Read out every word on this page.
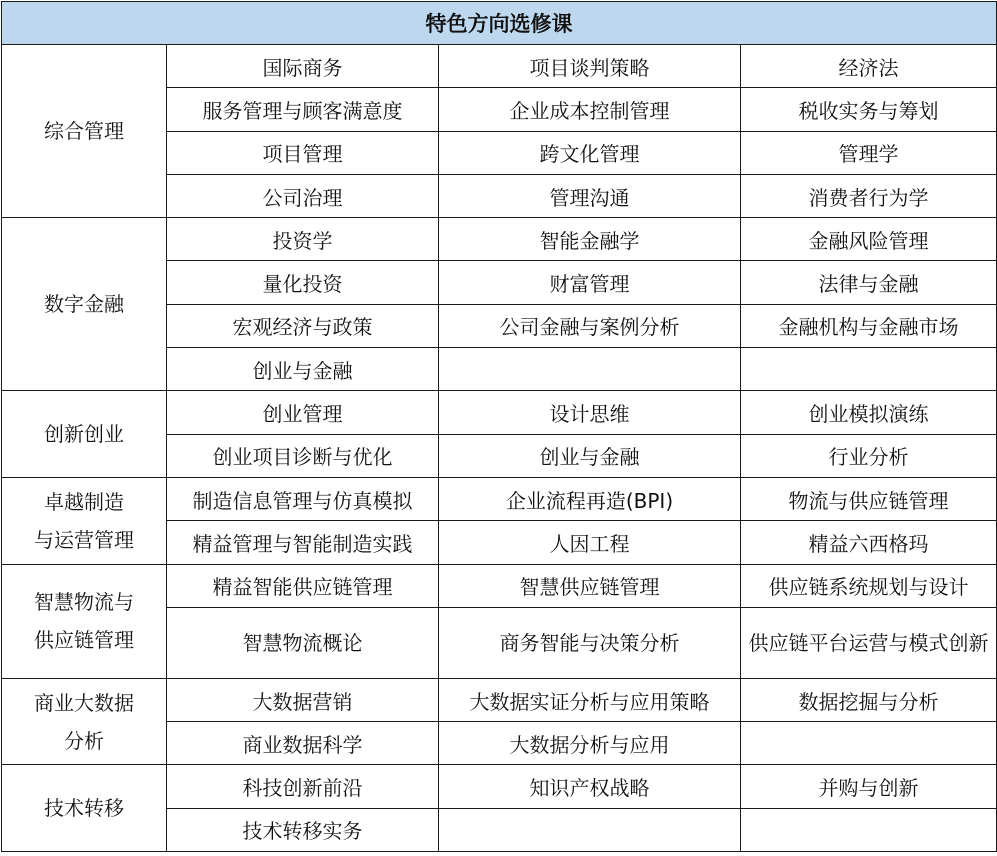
特色方向选修课			

综合管理	国际商务	项目谈判策略	经济法
	服务管理与顾客满意度	企业成本控制管理	税收实务与筹划
	项目管理	跨文化管理	管理学
	公司治理	管理沟通	消费者行为学

数字金融	投资学	智能金融学	金融风险管理
	量化投资	财富管理	法律与金融
	宏观经济与政策	公司金融与案例分析	金融机构与金融市场
	创业与金融		

创新创业	创业管理	设计思维	创业模拟演练
	创业项目诊断与优化	创业与金融	行业分析

卓越制造
与运营管理	制造信息管理与仿真模拟	企业流程再造(BPI)	物流与供应链管理
	精益管理与智能制造实践	人因工程	精益六西格玛

智慧物流与
供应链管理	精益智能供应链管理	智慧供应链管理	供应链系统规划与设计
	智慧物流概论	商务智能与决策分析	供应链平台运营与模式创新

商业大数据
分析	大数据营销	大数据实证分析与应用策略	数据挖掘与分析
	商业数据科学	大数据分析与应用	

技术转移	科技创新前沿	知识产权战略	并购与创新
	技术转移实务		
